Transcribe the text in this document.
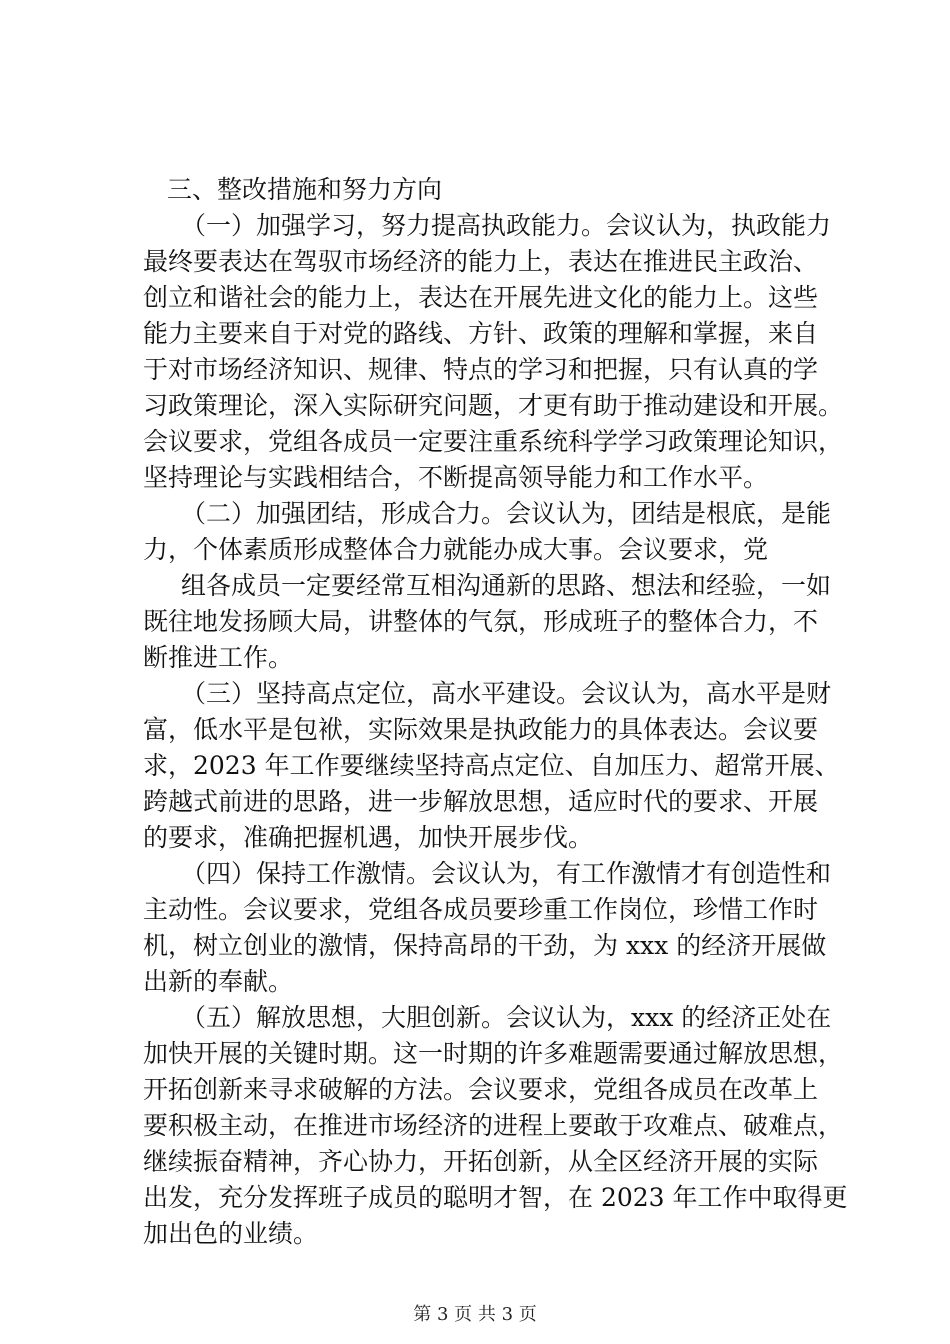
三、整改措施和努力方向
（一）加强学习，努力提高执政能力。会议认为，执政能力
最终要表达在驾驭市场经济的能力上，表达在推进民主政治、
创立和谐社会的能力上，表达在开展先进文化的能力上。这些
能力主要来自于对党的路线、方针、政策的理解和掌握，来自
于对市场经济知识、规律、特点的学习和把握，只有认真的学
习政策理论，深入实际研究问题，才更有助于推动建设和开展。
会议要求，党组各成员一定要注重系统科学学习政策理论知识，
坚持理论与实践相结合，不断提高领导能力和工作水平。
（二）加强团结，形成合力。会议认为，团结是根底，是能
力，个体素质形成整体合力就能办成大事。会议要求，党
组各成员一定要经常互相沟通新的思路、想法和经验，一如
既往地发扬顾大局，讲整体的气氛，形成班子的整体合力，不
断推进工作。
（三）坚持高点定位，高水平建设。会议认为，高水平是财
富，低水平是包袱，实际效果是执政能力的具体表达。会议要
求，2023 年工作要继续坚持高点定位、自加压力、超常开展、
跨越式前进的思路，进一步解放思想，适应时代的要求、开展
的要求，准确把握机遇，加快开展步伐。
（四）保持工作激情。会议认为，有工作激情才有创造性和
主动性。会议要求，党组各成员要珍重工作岗位，珍惜工作时
机，树立创业的激情，保持高昂的干劲，为 xxx 的经济开展做
出新的奉献。
（五）解放思想，大胆创新。会议认为，xxx 的经济正处在
加快开展的关键时期。这一时期的许多难题需要通过解放思想，
开拓创新来寻求破解的方法。会议要求，党组各成员在改革上
要积极主动，在推进市场经济的进程上要敢于攻难点、破难点，
继续振奋精神，齐心协力，开拓创新，从全区经济开展的实际
出发，充分发挥班子成员的聪明才智，在 2023 年工作中取得更
加出色的业绩。
第 3 页 共 3 页
